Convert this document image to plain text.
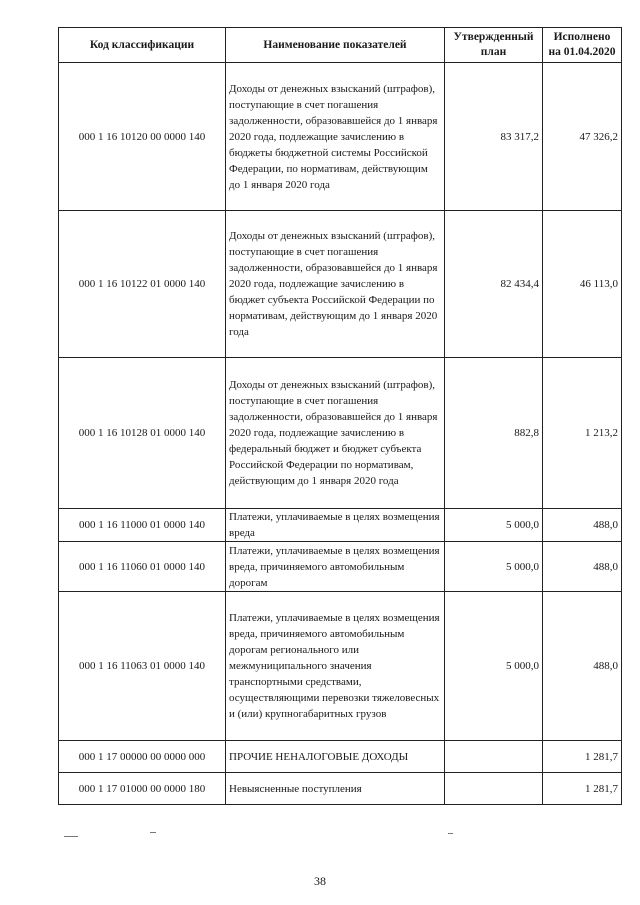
Код классификации	Наименование показателей	Утвержденный план	Исполнено на 01.04.2020
000 1 16 10120 00 0000 140	Доходы от денежных взысканий (штрафов), поступающие в счет погашения задолженности, образовавшейся до 1 января 2020 года, подлежащие зачислению в бюджеты бюджетной системы Российской Федерации, по нормативам, действующим до 1 января 2020 года	83 317,2	47 326,2
000 1 16 10122 01 0000 140	Доходы от денежных взысканий (штрафов), поступающие в счет погашения задолженности, образовавшейся до 1 января 2020 года, подлежащие зачислению в бюджет субъекта Российской Федерации по нормативам, действующим до 1 января 2020 года	82 434,4	46 113,0
000 1 16 10128 01 0000 140	Доходы от денежных взысканий (штрафов), поступающие в счет погашения задолженности, образовавшейся до 1 января 2020 года, подлежащие зачислению в федеральный бюджет и бюджет субъекта Российской Федерации по нормативам, действующим до 1 января 2020 года	882,8	1 213,2
000 1 16 11000 01 0000 140	Платежи, уплачиваемые в целях возмещения вреда	5 000,0	488,0
000 1 16 11060 01 0000 140	Платежи, уплачиваемые в целях возмещения вреда, причиняемого автомобильным дорогам	5 000,0	488,0
000 1 16 11063 01 0000 140	Платежи, уплачиваемые в целях возмещения вреда, причиняемого автомобильным дорогам регионального или межмуниципального значения транспортными средствами, осуществляющими перевозки тяжеловесных и (или) крупногабаритных грузов	5 000,0	488,0
000 1 17 00000 00 0000 000	ПРОЧИЕ НЕНАЛОГОВЫЕ ДОХОДЫ		1 281,7
000 1 17 01000 00 0000 180	Невыясненные поступления		1 281,7
38
